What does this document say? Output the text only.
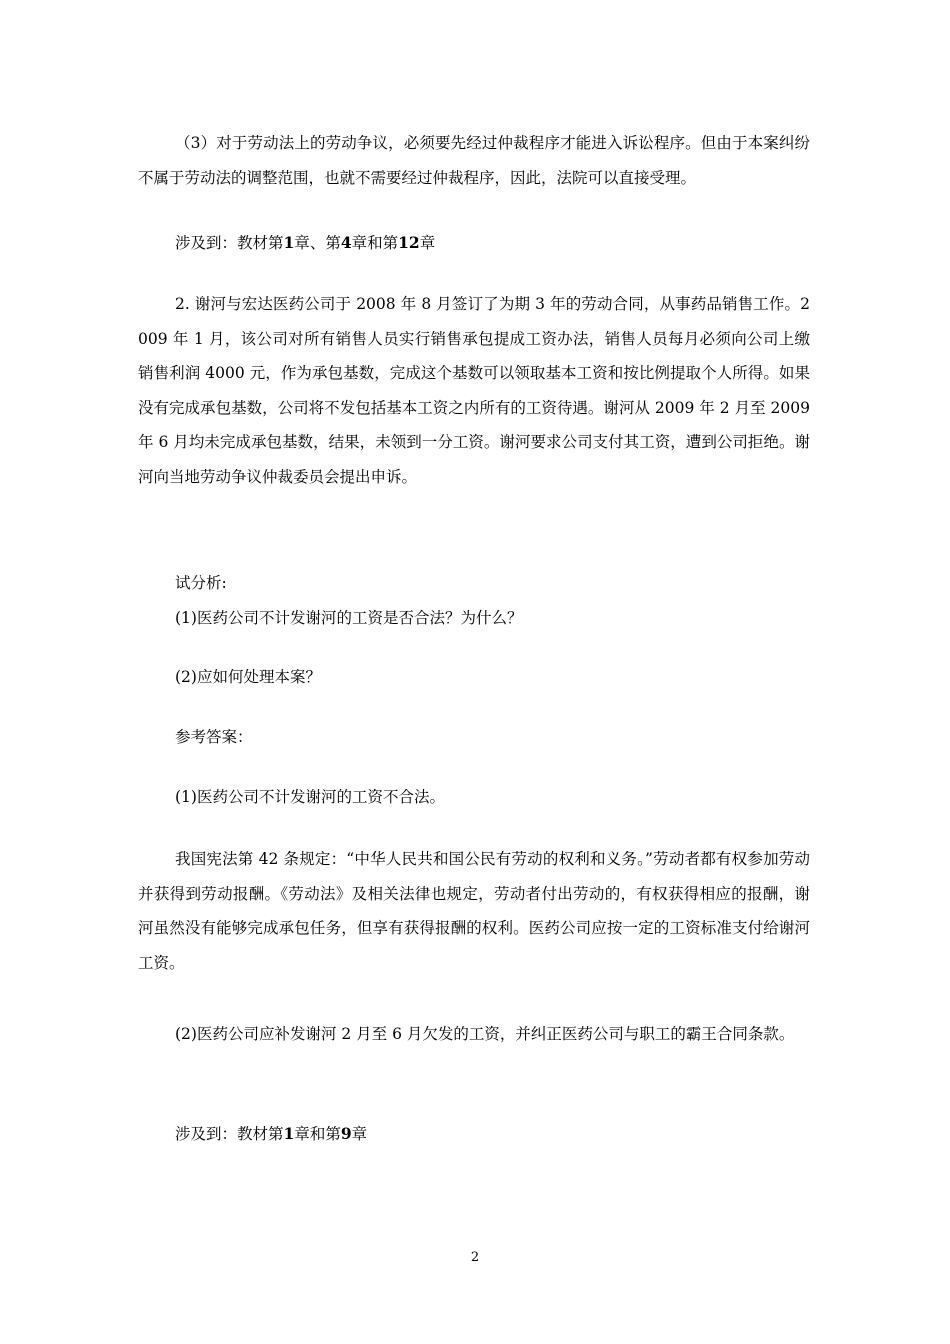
（3）对于劳动法上的劳动争议，必须要先经过仲裁程序才能进入诉讼程序。但由于本案纠纷不属于劳动法的调整范围，也就不需要经过仲裁程序，因此，法院可以直接受理。

涉及到：教材第1章、第4章和第12章

2. 谢河与宏达医药公司于 2008 年 8 月签订了为期 3 年的劳动合同，从事药品销售工作。2009 年 1 月，该公司对所有销售人员实行销售承包提成工资办法，销售人员每月必须向公司上缴销售利润 4000 元，作为承包基数，完成这个基数可以领取基本工资和按比例提取个人所得。如果没有完成承包基数，公司将不发包括基本工资之内所有的工资待遇。谢河从 2009 年 2 月至 2009 年 6 月均未完成承包基数，结果，未领到一分工资。谢河要求公司支付其工资，遭到公司拒绝。谢河向当地劳动争议仲裁委员会提出申诉。

试分析:

(1)医药公司不计发谢河的工资是否合法？为什么？

(2)应如何处理本案？

参考答案：

(1)医药公司不计发谢河的工资不合法。

我国宪法第 42 条规定：“中华人民共和国公民有劳动的权利和义务。”劳动者都有权参加劳动并获得到劳动报酬。《劳动法》及相关法律也规定，劳动者付出劳动的，有权获得相应的报酬，谢河虽然没有能够完成承包任务，但享有获得报酬的权利。医药公司应按一定的工资标准支付给谢河工资。

(2)医药公司应补发谢河 2 月至 6 月欠发的工资，并纠正医药公司与职工的霸王合同条款。

涉及到：教材第1章和第9章

2
